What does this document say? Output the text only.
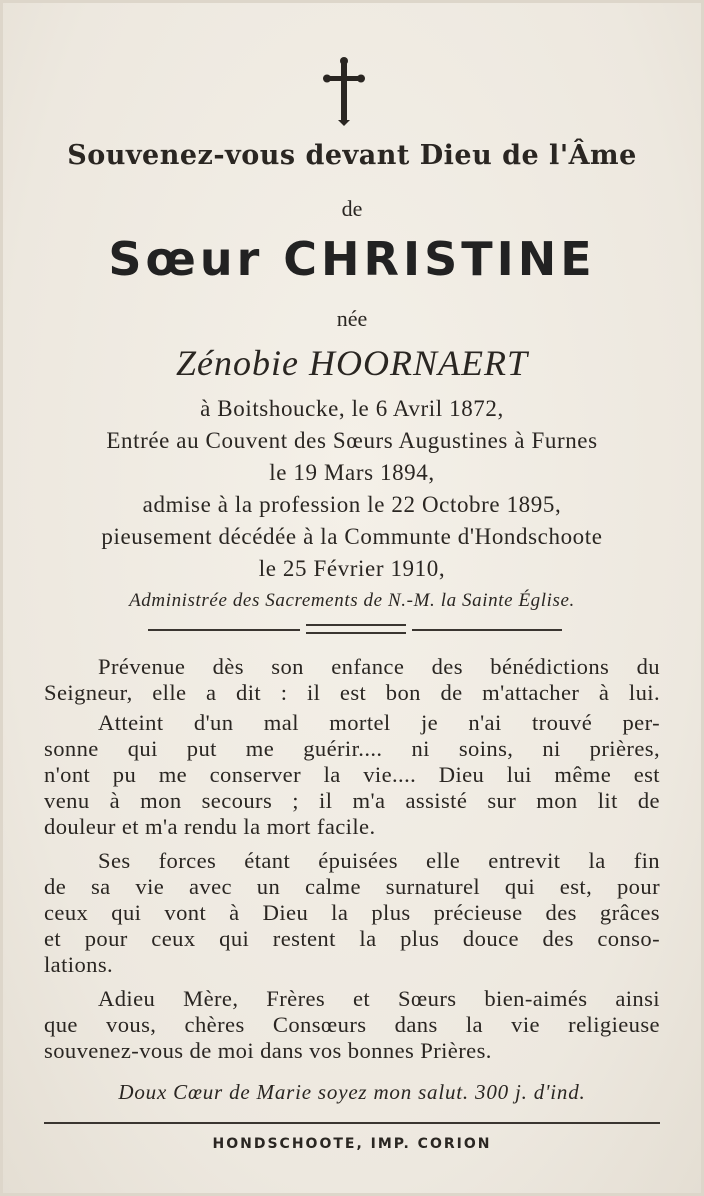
Souvenez-vous devant Dieu de l'Âme
de
Sœur CHRISTINE
née
Zénobie HOORNAERT
à Boitshoucke, le 6 Avril 1872,
Entrée au Couvent des Sœurs Augustines à Furnes
le 19 Mars 1894,
admise à la profession le 22 Octobre 1895,
pieusement décédée à la Communte d'Hondschoote
le 25 Février 1910,
Administrée des Sacrements de N.-M. la Sainte Église.
Prévenue dès son enfance des bénédictions du
Seigneur, elle a dit : il est bon de m'attacher à lui.
Atteint d'un mal mortel je n'ai trouvé per-
sonne qui put me guérir.... ni soins, ni prières,
n'ont pu me conserver la vie.... Dieu lui même est
venu à mon secours ; il m'a assisté sur mon lit de
douleur et m'a rendu la mort facile.
Ses forces étant épuisées elle entrevit la fin
de sa vie avec un calme surnaturel qui est, pour
ceux qui vont à Dieu la plus précieuse des grâces
et pour ceux qui restent la plus douce des conso-
lations.
Adieu Mère, Frères et Sœurs bien-aimés ainsi
que vous, chères Consœurs dans la vie religieuse
souvenez-vous de moi dans vos bonnes Prières.
Doux Cœur de Marie soyez mon salut. 300 j. d'ind.
HONDSCHOOTE, IMP. CORION
